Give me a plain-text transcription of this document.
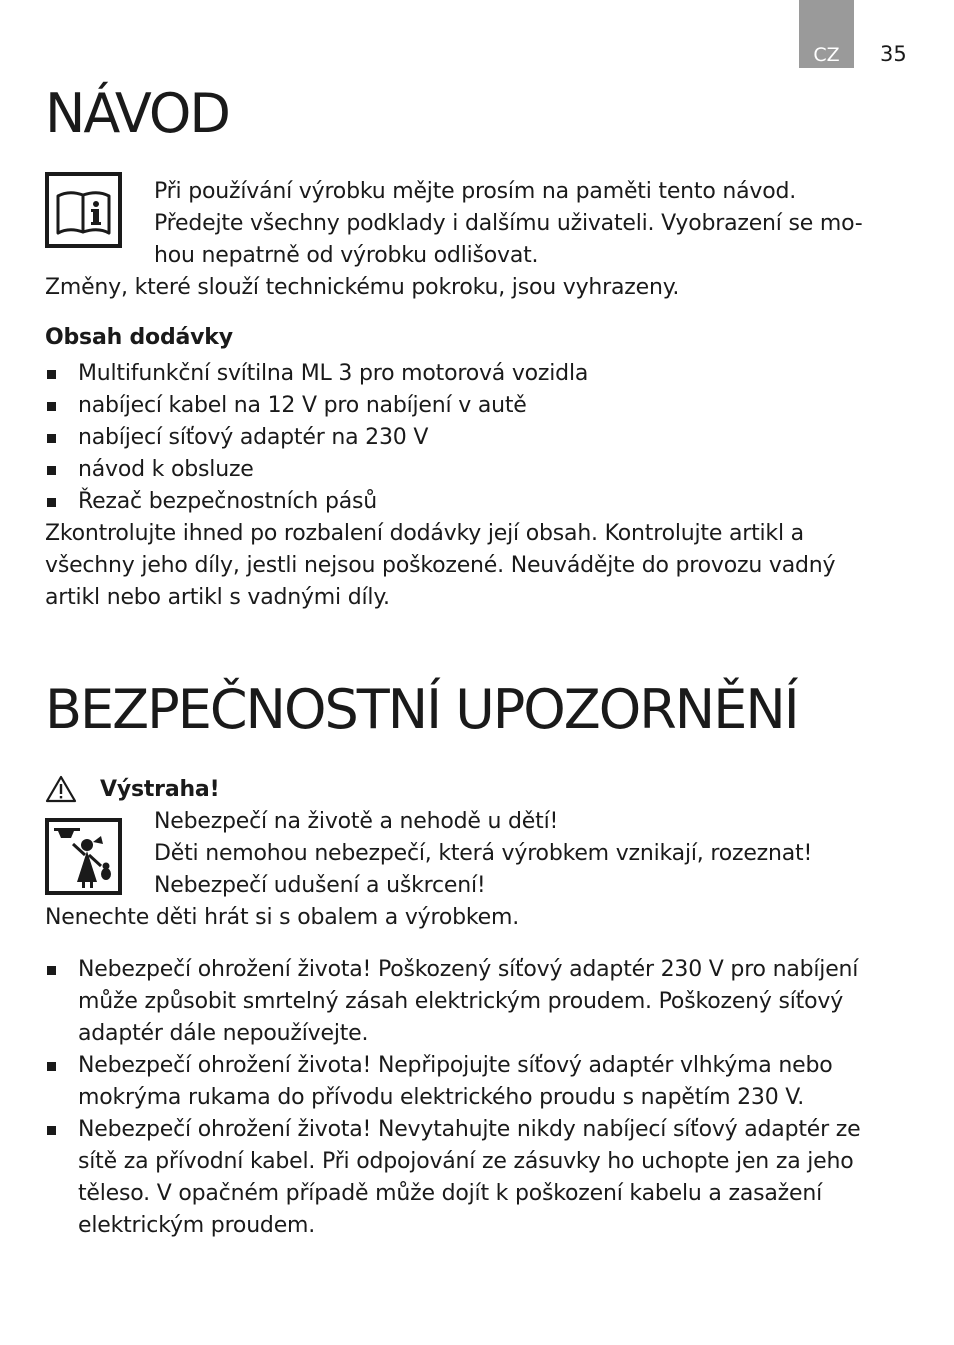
CZ 35
NÁVOD
Při používání výrobku mějte prosím na paměti tento návod.
Předejte všechny podklady i dalšímu uživateli. Vyobrazení se mo-
hou nepatrně od výrobku odlišovat.
Změny, které slouží technickému pokroku, jsou vyhrazeny.
Obsah dodávky
Multifunkční svítilna ML 3 pro motorová vozidla
nabíjecí kabel na 12 V pro nabíjení v autě
nabíjecí síťový adaptér na 230 V
návod k obsluze
Řezač bezpečnostních pásů
Zkontrolujte ihned po rozbalení dodávky její obsah. Kontrolujte artikl a
všechny jeho díly, jestli nejsou poškozené. Neuvádějte do provozu vadný
artikl nebo artikl s vadnými díly.
BEZPEČNOSTNÍ UPOZORNĚNÍ
Výstraha!
Nebezpečí na životě a nehodě u dětí!
Děti nemohou nebezpečí, která výrobkem vznikají, rozeznat!
Nebezpečí udušení a uškrcení!
Nenechte děti hrát si s obalem a výrobkem.
Nebezpečí ohrožení života! Poškozený síťový adaptér 230 V pro nabíjení
může způsobit smrtelný zásah elektrickým proudem. Poškozený síťový
adaptér dále nepoužívejte.
Nebezpečí ohrožení života! Nepřipojujte síťový adaptér vlhkýma nebo
mokrýma rukama do přívodu elektrického proudu s napětím 230 V.
Nebezpečí ohrožení života! Nevytahujte nikdy nabíjecí síťový adaptér ze
sítě za přívodní kabel. Při odpojování ze zásuvky ho uchopte jen za jeho
těleso. V opačném případě může dojít k poškození kabelu a zasažení
elektrickým proudem.
